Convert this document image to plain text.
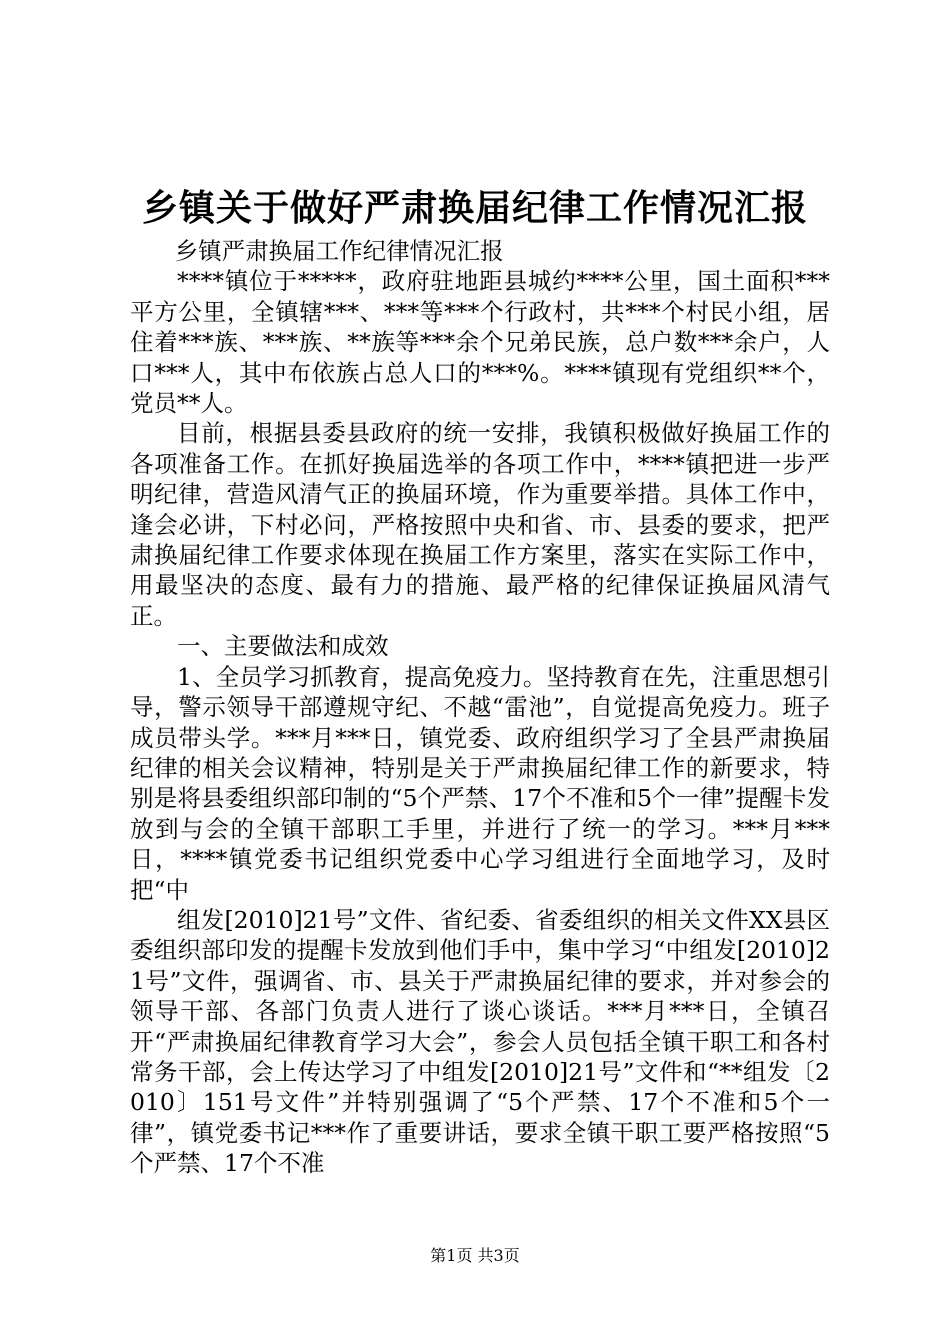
乡镇关于做好严肃换届纪律工作情况汇报

乡镇严肃换届工作纪律情况汇报

****镇位于*****，政府驻地距县城约****公里，国土面积***平方公里，全镇辖***、***等***个行政村，共***个村民小组，居住着***族、***族、**族等***余个兄弟民族，总户数***余户，人口***人，其中布依族占总人口的***%。****镇现有党组织**个，党员**人。

目前，根据县委县政府的统一安排，我镇积极做好换届工作的各项准备工作。在抓好换届选举的各项工作中，****镇把进一步严明纪律，营造风清气正的换届环境，作为重要举措。具体工作中，逢会必讲，下村必问，严格按照中央和省、市、县委的要求，把严肃换届纪律工作要求体现在换届工作方案里，落实在实际工作中，用最坚决的态度、最有力的措施、最严格的纪律保证换届风清气正。

一、主要做法和成效

1、全员学习抓教育，提高免疫力。坚持教育在先，注重思想引导，警示领导干部遵规守纪、不越“雷池”，自觉提高免疫力。班子成员带头学。***月***日，镇党委、政府组织学习了全县严肃换届纪律的相关会议精神，特别是关于严肃换届纪律工作的新要求，特别是将县委组织部印制的“5个严禁、17个不准和5个一律”提醒卡发放到与会的全镇干部职工手里，并进行了统一的学习。***月***日，****镇党委书记组织党委中心学习组进行全面地学习，及时把“中

组发[2010]21号”文件、省纪委、省委组织的相关文件XX县区委组织部印发的提醒卡发放到他们手中，集中学习“中组发[2010]21号”文件，强调省、市、县关于严肃换届纪律的要求，并对参会的领导干部、各部门负责人进行了谈心谈话。***月***日，全镇召开“严肃换届纪律教育学习大会”，参会人员包括全镇干职工和各村常务干部，会上传达学习了中组发[2010]21号”文件和“**组发〔2010〕151号文件”并特别强调了“5个严禁、17个不准和5个一律”，镇党委书记***作了重要讲话，要求全镇干职工要严格按照“5个严禁、17个不准

第1页 共3页
